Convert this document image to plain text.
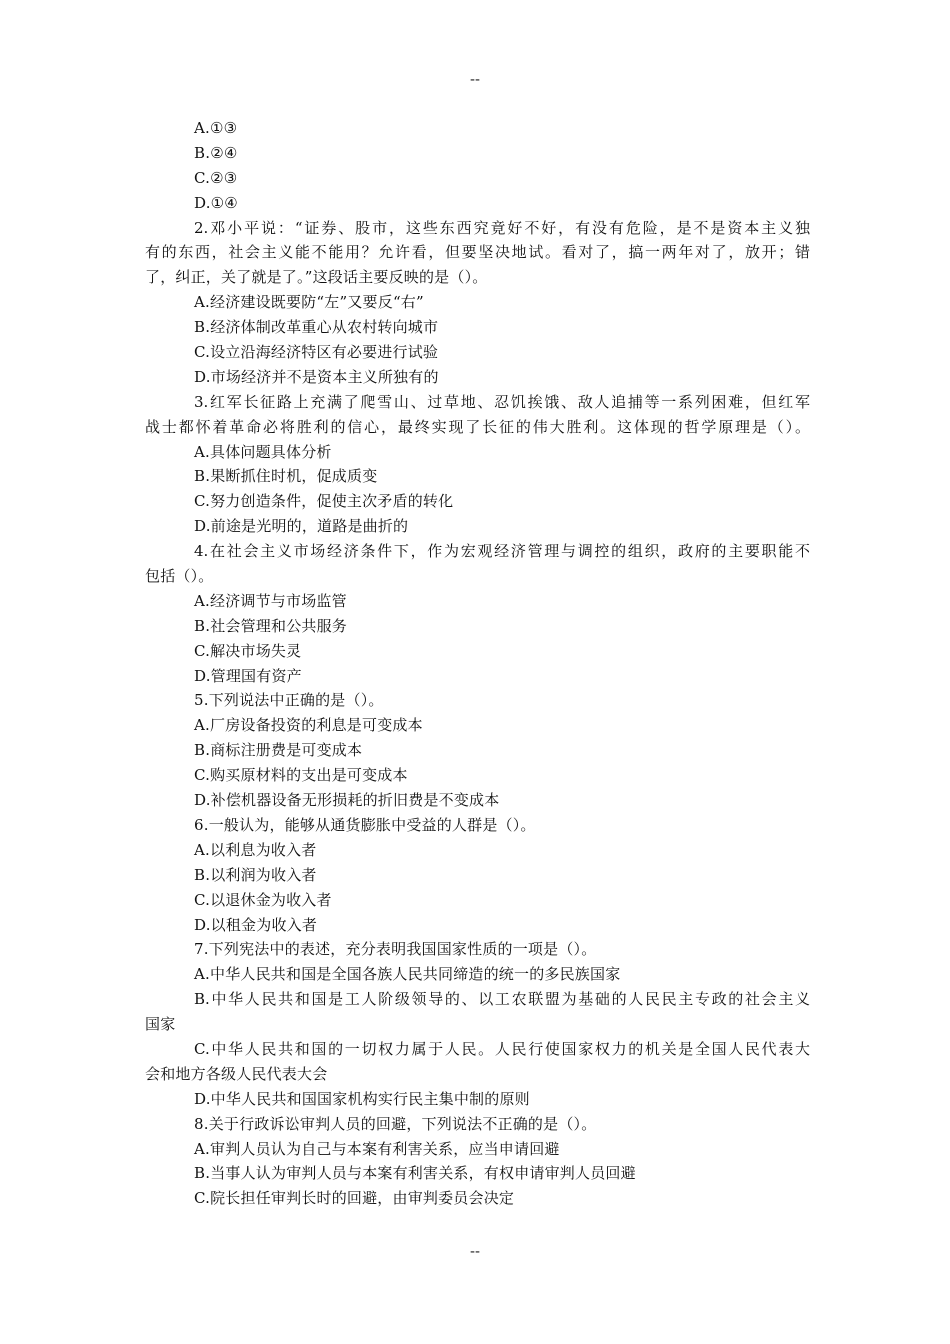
--
A.①③
B.②④
C.②③
D.①④
2.邓小平说：“证券、股市，这些东西究竟好不好，有没有危险，是不是资本主义独
有的东西，社会主义能不能用？允许看，但要坚决地试。看对了，搞一两年对了，放开；错
了，纠正，关了就是了。”这段话主要反映的是（）。
A.经济建设既要防“左”又要反“右”
B.经济体制改革重心从农村转向城市
C.设立沿海经济特区有必要进行试验
D.市场经济并不是资本主义所独有的
3.红军长征路上充满了爬雪山、过草地、忍饥挨饿、敌人追捕等一系列困难，但红军
战士都怀着革命必将胜利的信心，最终实现了长征的伟大胜利。这体现的哲学原理是（）。
A.具体问题具体分析
B.果断抓住时机，促成质变
C.努力创造条件，促使主次矛盾的转化
D.前途是光明的，道路是曲折的
4.在社会主义市场经济条件下，作为宏观经济管理与调控的组织，政府的主要职能不
包括（）。
A.经济调节与市场监管
B.社会管理和公共服务
C.解决市场失灵
D.管理国有资产
5.下列说法中正确的是（）。
A.厂房设备投资的利息是可变成本
B.商标注册费是可变成本
C.购买原材料的支出是可变成本
D.补偿机器设备无形损耗的折旧费是不变成本
6.一般认为，能够从通货膨胀中受益的人群是（）。
A.以利息为收入者
B.以利润为收入者
C.以退休金为收入者
D.以租金为收入者
7.下列宪法中的表述，充分表明我国国家性质的一项是（）。
A.中华人民共和国是全国各族人民共同缔造的统一的多民族国家
B.中华人民共和国是工人阶级领导的、以工农联盟为基础的人民民主专政的社会主义
国家
C.中华人民共和国的一切权力属于人民。人民行使国家权力的机关是全国人民代表大
会和地方各级人民代表大会
D.中华人民共和国国家机构实行民主集中制的原则
8.关于行政诉讼审判人员的回避，下列说法不正确的是（）。
A.审判人员认为自己与本案有利害关系，应当申请回避
B.当事人认为审判人员与本案有利害关系，有权申请审判人员回避
C.院长担任审判长时的回避，由审判委员会决定
--
